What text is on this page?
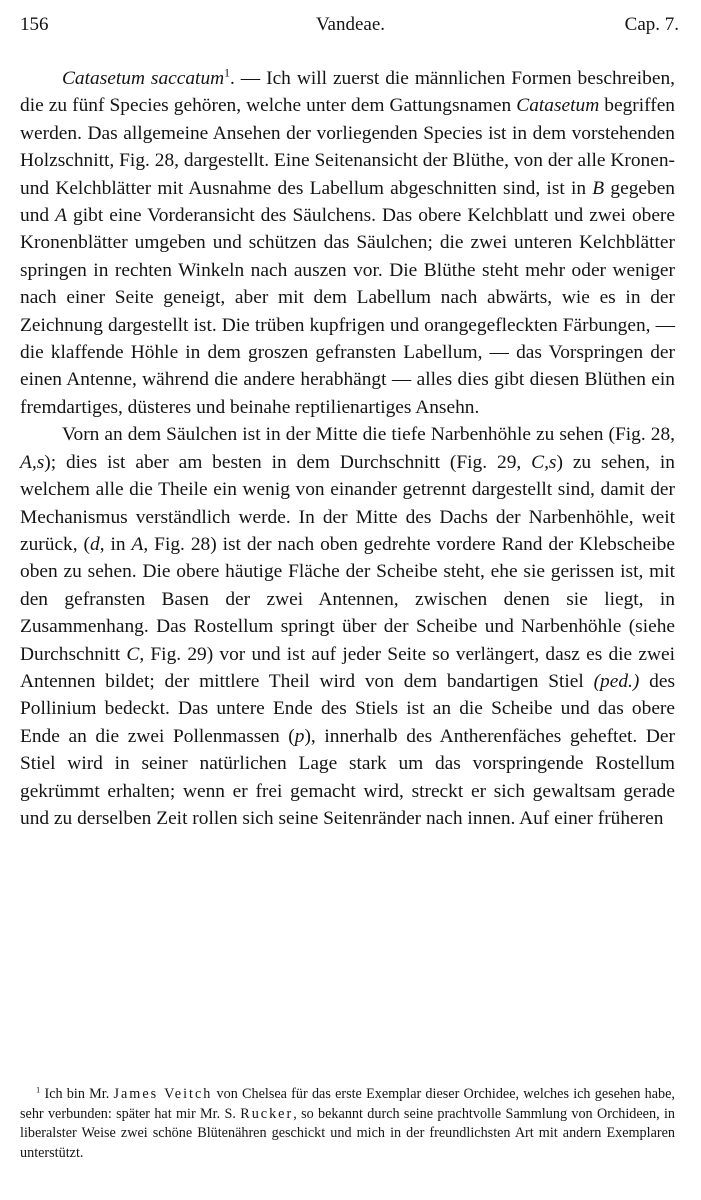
156	Vandeae.	Cap. 7.

Catasetum saccatum$^1$. — Ich will zuerst die männlichen Formen beschreiben, die zu fünf Species gehören, welche unter dem Gattungsnamen Catasetum begriffen werden. Das allgemeine Ansehen der vorliegenden Species ist in dem vorstehenden Holzschnitt, Fig. 28, dargestellt. Eine Seitenansicht der Blüthe, von der alle Kronen- und Kelchblätter mit Ausnahme des Labellum abgeschnitten sind, ist in B gegeben und A gibt eine Vorderansicht des Säulchens. Das obere Kelchblatt und zwei obere Kronenblätter umgeben und schützen das Säulchen; die zwei unteren Kelchblätter springen in rechten Winkeln nach auszen vor. Die Blüthe steht mehr oder weniger nach einer Seite geneigt, aber mit dem Labellum nach abwärts, wie es in der Zeichnung dargestellt ist. Die trüben kupfrigen und orangegefleckten Färbungen, — die klaffende Höhle in dem groszen gefransten Labellum, — das Vorspringen der einen Antenne, während die andere herabhängt — alles dies gibt diesen Blüthen ein fremdartiges, düsteres und beinahe reptilienartiges Ansehn.

Vorn an dem Säulchen ist in der Mitte die tiefe Narbenhöhle zu sehen (Fig. 28, A,s); dies ist aber am besten in dem Durchschnitt (Fig. 29, C,s) zu sehen, in welchem alle die Theile ein wenig von einander getrennt dargestellt sind, damit der Mechanismus verständlich werde. In der Mitte des Dachs der Narbenhöhle, weit zurück, (d, in A, Fig. 28) ist der nach oben gedrehte vordere Rand der Klebscheibe oben zu sehen. Die obere häutige Fläche der Scheibe steht, ehe sie gerissen ist, mit den gefransten Basen der zwei Antennen, zwischen denen sie liegt, in Zusammenhang. Das Rostellum springt über der Scheibe und Narbenhöhle (siehe Durchschnitt C, Fig. 29) vor und ist auf jeder Seite so verlängert, dasz es die zwei Antennen bildet; der mittlere Theil wird von dem bandartigen Stiel (ped.) des Pollinium bedeckt. Das untere Ende des Stiels ist an die Scheibe und das obere Ende an die zwei Pollenmassen (p), innerhalb des Antherenfäches geheftet. Der Stiel wird in seiner natürlichen Lage stark um das vorspringende Rostellum gekrümmt erhalten; wenn er frei gemacht wird, streckt er sich gewaltsam gerade und zu derselben Zeit rollen sich seine Seitenränder nach innen. Auf einer früheren

$^1$ Ich bin Mr. James Veitch von Chelsea für das erste Exemplar dieser Orchidee, welches ich gesehen habe, sehr verbunden: später hat mir Mr. S. Rucker, so bekannt durch seine prachtvolle Sammlung von Orchideen, in liberalster Weise zwei schöne Blütenähren geschickt und mich in der freundlichsten Art mit andern Exemplaren unterstützt.
